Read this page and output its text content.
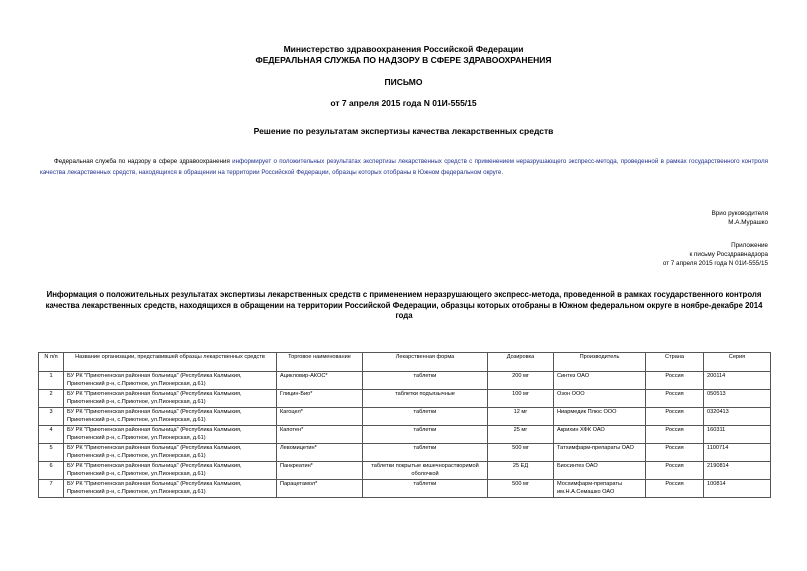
Министерство здравоохранения Российской Федерации
ФЕДЕРАЛЬНАЯ СЛУЖБА ПО НАДЗОРУ В СФЕРЕ ЗДРАВООХРАНЕНИЯ
ПИСЬМО
от 7 апреля 2015 года N 01И-555/15
Решение по результатам экспертизы качества лекарственных средств
Федеральная служба по надзору в сфере здравоохранения информирует о положительных результатах экспертизы лекарственных средств с применением неразрушающего экспресс-метода, проведенной в рамках государственного контроля качества лекарственных средств, находящихся в обращении на территории Российской Федерации, образцы которых отобраны в Южном федеральном округе.
Врио руководителя
М.А.Мурашко
Приложение
к письму Росздравнадзора
от 7 апреля 2015 года N 01И-555/15
Информация о положительных результатах экспертизы лекарственных средств с применением неразрушающего экспресс-метода, проведенной в рамках государственного контроля качества лекарственных средств, находящихся в обращении на территории Российской Федерации, образцы которых отобраны в Южном федеральном округе в ноябре-декабре 2014 года
N п/п	Название организации, представившей образцы лекарственных средств	Торговое наименование	Лекарственная форма	Дозировка	Производитель	Страна	Серия
1	БУ РК "Приютненская районная больница" (Республика Калмыкия, Приютненский р-н, с.Приютное, ул.Пионерская, д.61)	Ацикловир-АКОС*	таблетки	200 мг	Синтез ОАО	Россия	200114
2	БУ РК "Приютненская районная больница" (Республика Калмыкия, Приютненский р-н, с.Приютное, ул.Пионерская, д.61)	Глицин-Био*	таблетки подъязычные	100 мг	Озон ООО	Россия	050513
3	БУ РК "Приютненская районная больница" (Республика Калмыкия, Приютненский р-н, с.Приютное, ул.Пионерская, д.61)	Кагоцел*	таблетки	12 мг	Ниармедик Плюс ООО	Россия	0320413
4	БУ РК "Приютненская районная больница" (Республика Калмыкия, Приютненский р-н, с.Приютное, ул.Пионерская, д.61)	Капотен*	таблетки	25 мг	Акрихин ХФК ОАО	Россия	160311
5	БУ РК "Приютненская районная больница" (Республика Калмыкия, Приютненский р-н, с.Приютное, ул.Пионерская, д.61)	Левомицетин*	таблетки	500 мг	Татхимфарм-препараты ОАО	Россия	1100714
6	БУ РК "Приютненская районная больница" (Республика Калмыкия, Приютненский р-н, с.Приютное, ул.Пионерская, д.61)	Панкреатин*	таблетки покрытые кишечнорастворимой оболочкой	25 ЕД	Биосинтез ОАО	Россия	2190814
7	БУ РК "Приютненская районная больница" (Республика Калмыкия, Приютненский р-н, с.Приютное, ул.Пионерская, д.61)	Парацетамол*	таблетки	500 мг	Мосхимфарм-препараты им.Н.А.Семашко ОАО	Россия	100814
